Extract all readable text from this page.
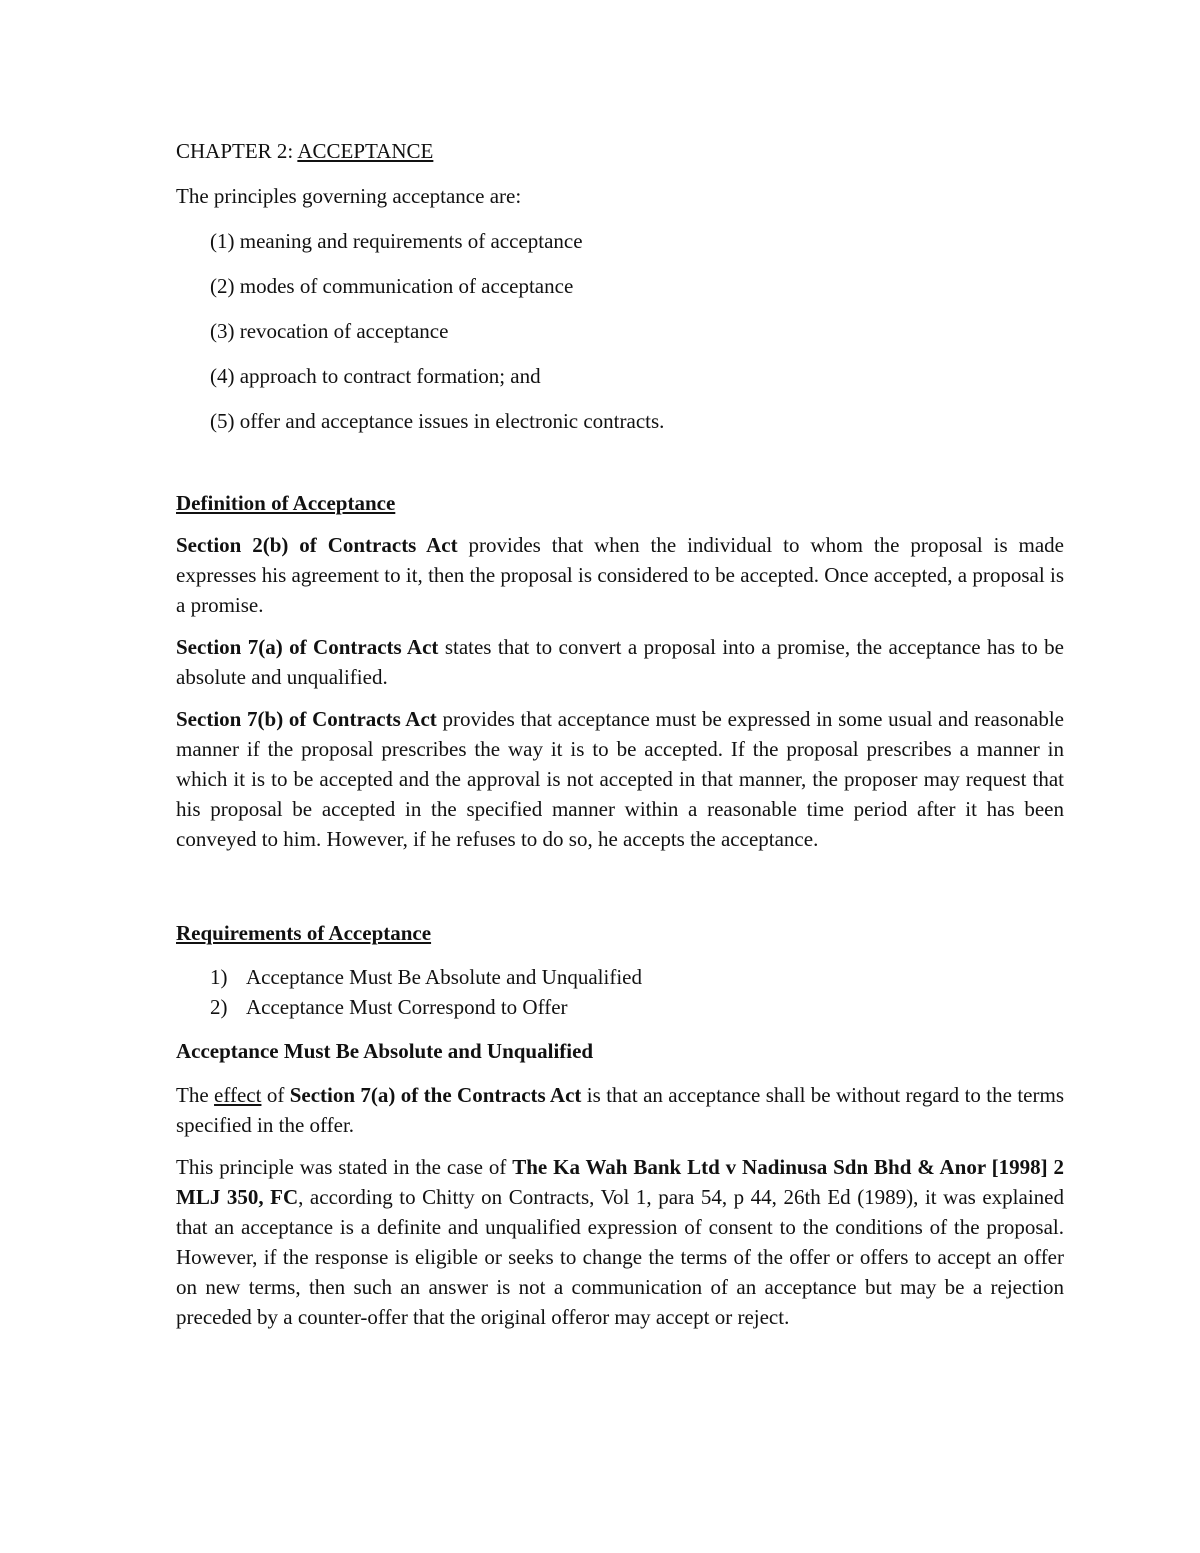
CHAPTER 2: ACCEPTANCE

The principles governing acceptance are:

(1) meaning and requirements of acceptance
(2) modes of communication of acceptance
(3) revocation of acceptance
(4) approach to contract formation; and
(5) offer and acceptance issues in electronic contracts.

Definition of Acceptance

Section 2(b) of Contracts Act provides that when the individual to whom the proposal is made expresses his agreement to it, then the proposal is considered to be accepted. Once accepted, a proposal is a promise.

Section 7(a) of Contracts Act states that to convert a proposal into a promise, the acceptance has to be absolute and unqualified.

Section 7(b) of Contracts Act provides that acceptance must be expressed in some usual and reasonable manner if the proposal prescribes the way it is to be accepted. If the proposal prescribes a manner in which it is to be accepted and the approval is not accepted in that manner, the proposer may request that his proposal be accepted in the specified manner within a reasonable time period after it has been conveyed to him. However, if he refuses to do so, he accepts the acceptance.

Requirements of Acceptance

1) Acceptance Must Be Absolute and Unqualified
2) Acceptance Must Correspond to Offer

Acceptance Must Be Absolute and Unqualified

The effect of Section 7(a) of the Contracts Act is that an acceptance shall be without regard to the terms specified in the offer.

This principle was stated in the case of The Ka Wah Bank Ltd v Nadinusa Sdn Bhd & Anor [1998] 2 MLJ 350, FC, according to Chitty on Contracts, Vol 1, para 54, p 44, 26th Ed (1989), it was explained that an acceptance is a definite and unqualified expression of consent to the conditions of the proposal. However, if the response is eligible or seeks to change the terms of the offer or offers to accept an offer on new terms, then such an answer is not a communication of an acceptance but may be a rejection preceded by a counter-offer that the original offeror may accept or reject.
